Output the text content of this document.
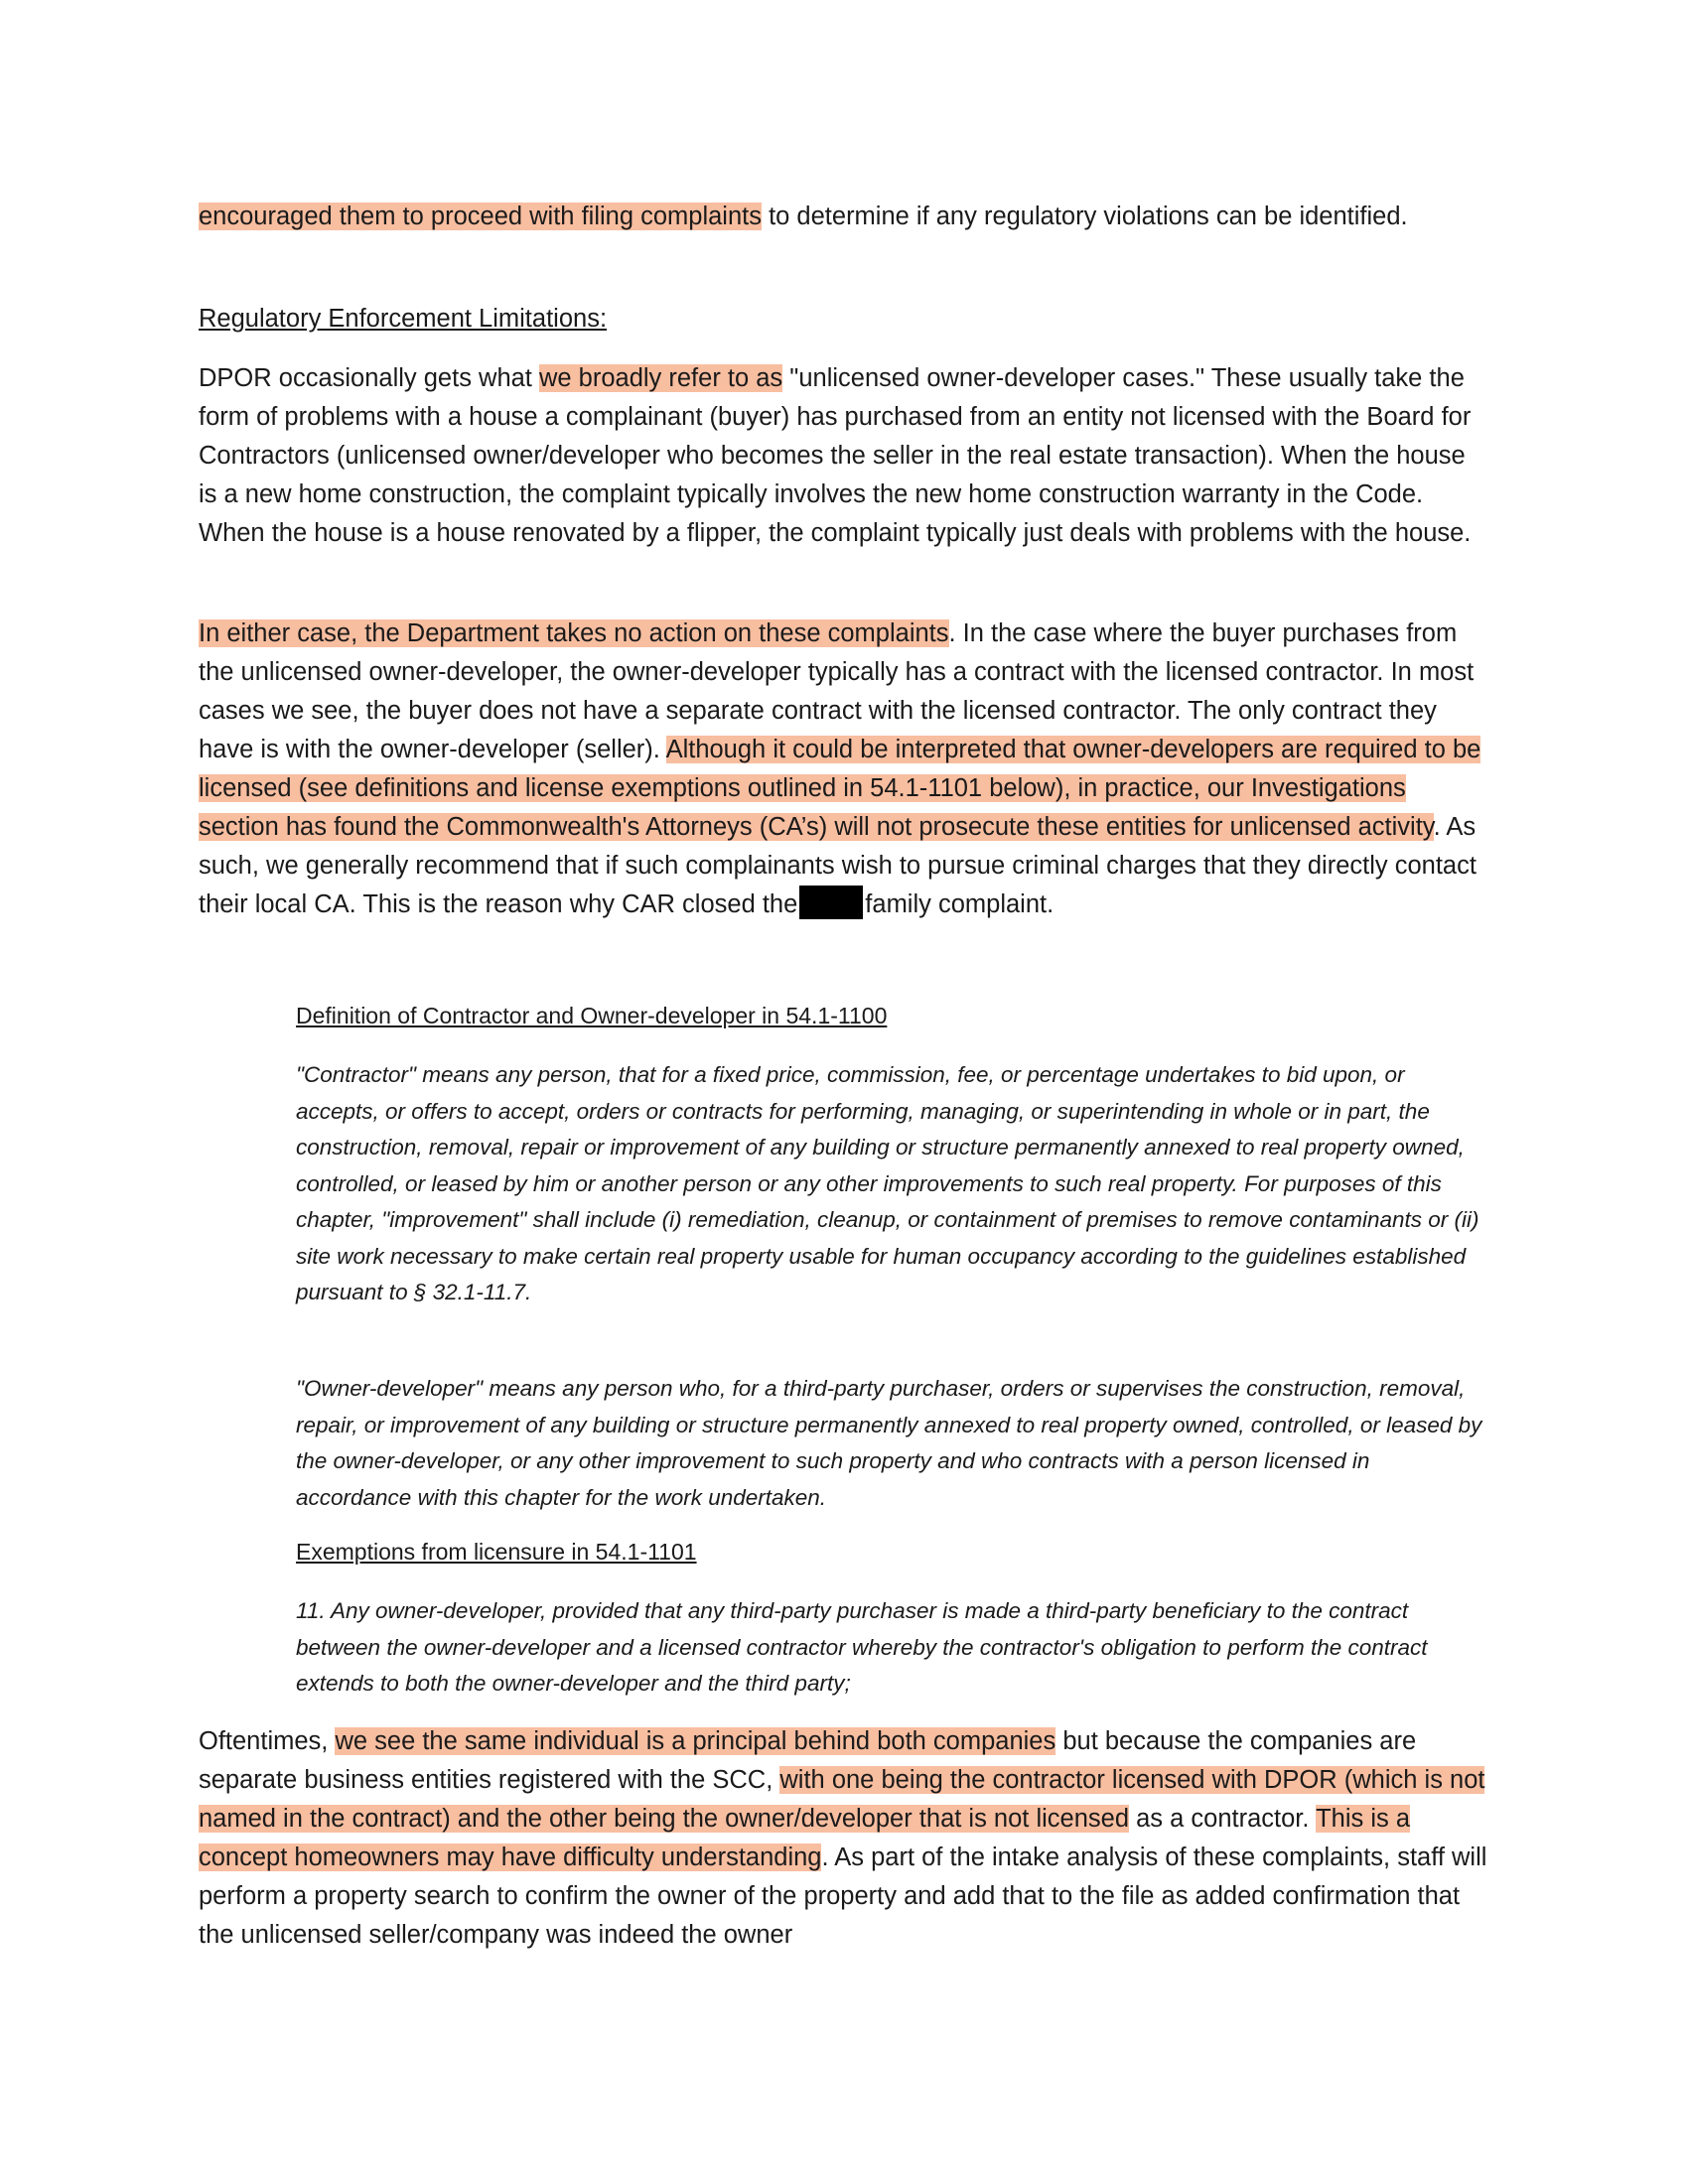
encouraged them to proceed with filing complaints to determine if any regulatory violations can be identified.

Regulatory Enforcement Limitations:

DPOR occasionally gets what we broadly refer to as "unlicensed owner-developer cases." These usually take the form of problems with a house a complainant (buyer) has purchased from an entity not licensed with the Board for Contractors (unlicensed owner/developer who becomes the seller in the real estate transaction). When the house is a new home construction, the complaint typically involves the new home construction warranty in the Code. When the house is a house renovated by a flipper, the complaint typically just deals with problems with the house.

In either case, the Department takes no action on these complaints. In the case where the buyer purchases from the unlicensed owner-developer, the owner-developer typically has a contract with the licensed contractor. In most cases we see, the buyer does not have a separate contract with the licensed contractor. The only contract they have is with the owner-developer (seller). Although it could be interpreted that owner-developers are required to be licensed (see definitions and license exemptions outlined in 54.1-1101 below), in practice, our Investigations section has found the Commonwealth's Attorneys (CA’s) will not prosecute these entities for unlicensed activity. As such, we generally recommend that if such complainants wish to pursue criminal charges that they directly contact their local CA. This is the reason why CAR closed the	family complaint.

Definition of Contractor and Owner-developer in 54.1-1100

"Contractor" means any person, that for a fixed price, commission, fee, or percentage undertakes to bid upon, or accepts, or offers to accept, orders or contracts for performing, managing, or superintending in whole or in part, the construction, removal, repair or improvement of any building or structure permanently annexed to real property owned, controlled, or leased by him or another person or any other improvements to such real property. For purposes of this chapter, "improvement" shall include (i) remediation, cleanup, or containment of premises to remove contaminants or (ii) site work necessary to make certain real property usable for human occupancy according to the guidelines established pursuant to § 32.1-11.7.

"Owner-developer" means any person who, for a third-party purchaser, orders or supervises the construction, removal, repair, or improvement of any building or structure permanently annexed to real property owned, controlled, or leased by the owner-developer, or any other improvement to such property and who contracts with a person licensed in accordance with this chapter for the work undertaken.

Exemptions from licensure in 54.1-1101

11. Any owner-developer, provided that any third-party purchaser is made a third-party beneficiary to the contract between the owner-developer and a licensed contractor whereby the contractor's obligation to perform the contract extends to both the owner-developer and the third party;

Oftentimes, we see the same individual is a principal behind both companies but because the companies are separate business entities registered with the SCC, with one being the contractor licensed with DPOR (which is not named in the contract) and the other being the owner/developer that is not licensed as a contractor. This is a concept homeowners may have difficulty understanding. As part of the intake analysis of these complaints, staff will perform a property search to confirm the owner of the property and add that to the file as added confirmation that the unlicensed seller/company was indeed the owner
